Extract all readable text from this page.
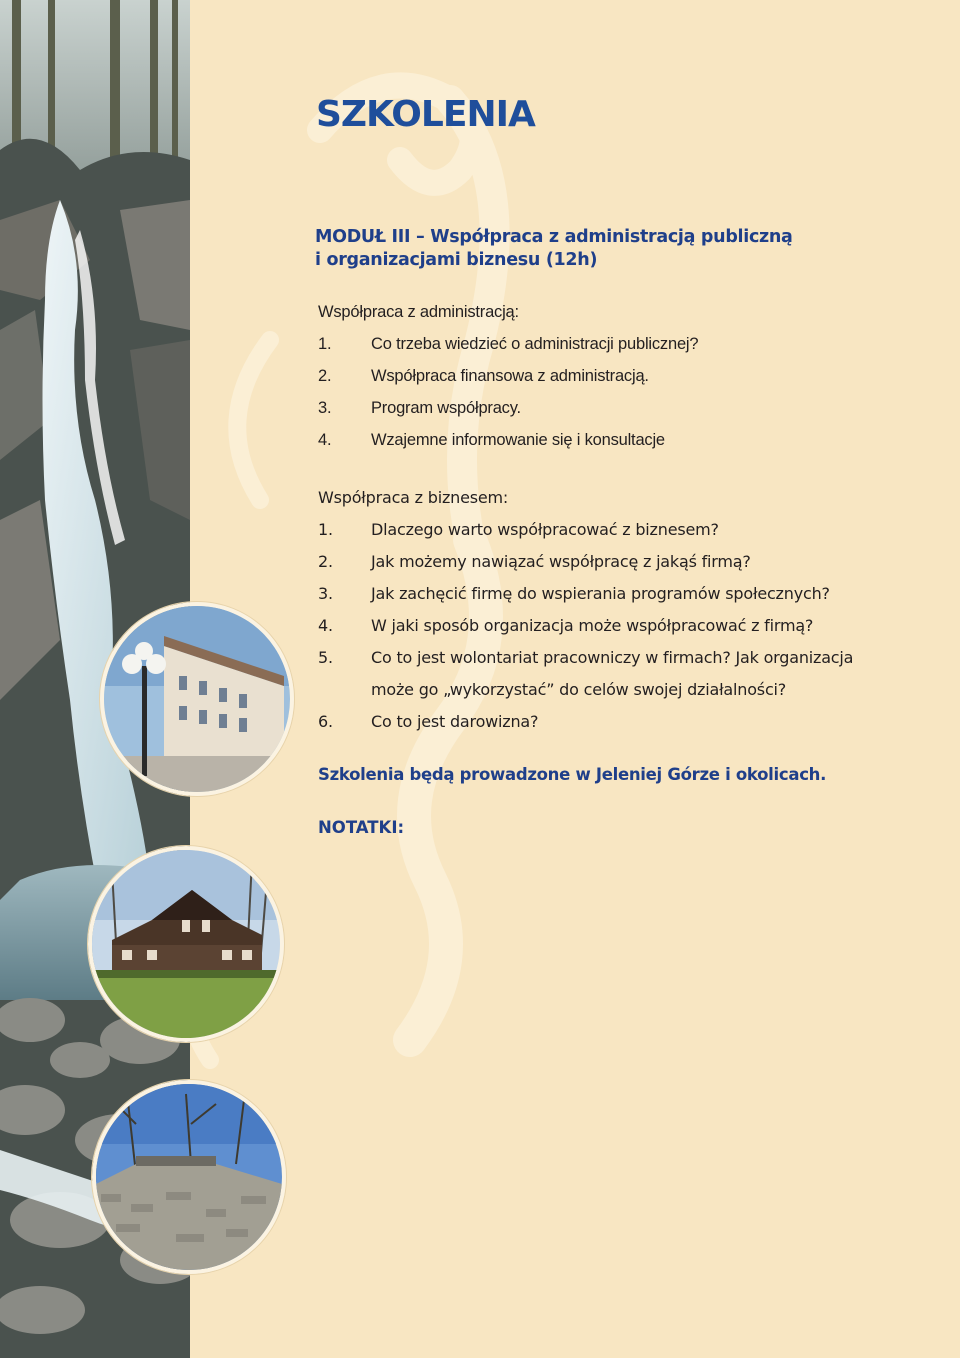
SZKOLENIA
MODUŁ III – Współpraca z administracją publiczną
i organizacjami biznesu (12h)

Współpraca z administracją:

1. Co trzeba wiedzieć o administracji publicznej?
2. Współpraca finansowa z administracją.
3. Program współpracy.
4. Wzajemne informowanie się i konsultacje

Współpraca z biznesem:

1. Dlaczego warto współpracować z biznesem?
2. Jak możemy nawiązać współpracę z jakąś firmą?
3. Jak zachęcić firmę do wspierania programów społecznych?
4. W jaki sposób organizacja może współpracować z firmą?
5. Co to jest wolontariat pracowniczy w firmach? Jak organizacja
może go „wykorzystać” do celów swojej działalności?
6. Co to jest darowizna?

Szkolenia będą prowadzone w Jeleniej Górze i okolicach.

NOTATKI:
